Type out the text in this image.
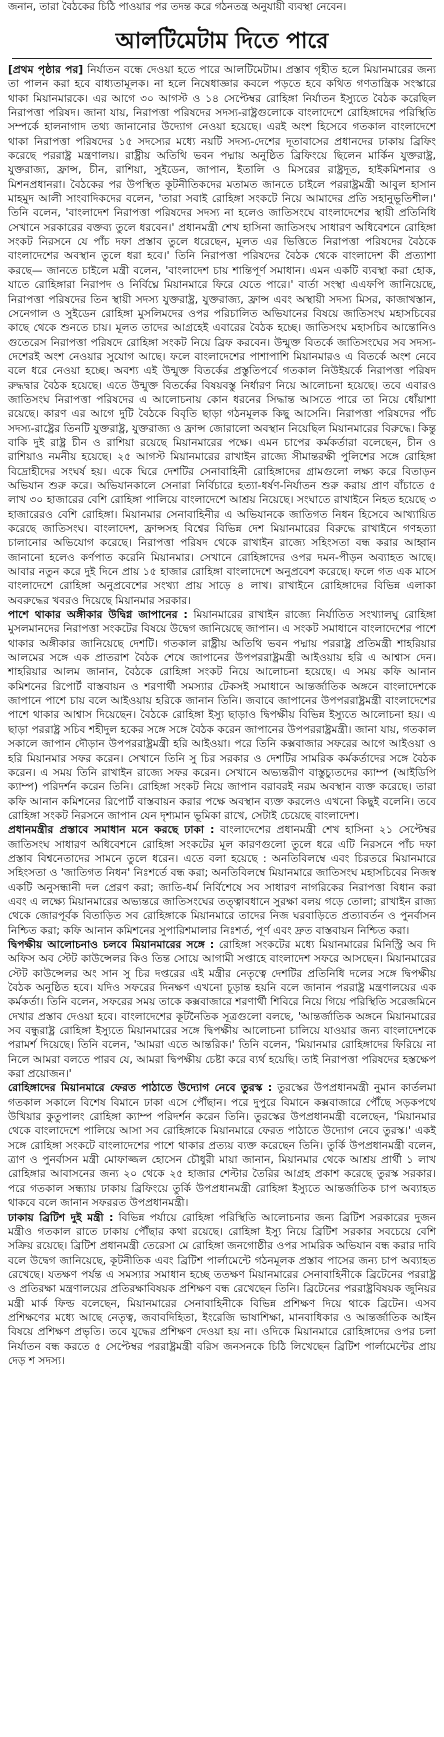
জনান, তারা বৈঠকের চিঠি পাওয়ার পর তদন্ত করে গঠনতন্ত্র অনুযায়ী ব্যবস্থা নেবেন।
আলটিমেটাম দিতে পারে

[প্রথম পৃষ্ঠার পর] নির্যাতন বন্ধে দেওয়া হতে পারে আলটিমেটাম। প্রস্তাব গৃহীত হলে মিয়ানমারের জন্য তা পালন করা হবে বাধ্যতামূলক। না হলে নিষেধাজ্ঞার কবলে পড়তে হবে কথিত গণতান্ত্রিক সংস্কারে থাকা মিয়ানমারকে। এর আগে ৩০ আগস্ট ও ১৪ সেপ্টেম্বর রোহিঙ্গা নির্যাতন ইস্যুতে বৈঠক করেছিল নিরাপত্তা পরিষদ। জানা যায়, নিরাপত্তা পরিষদের সদস্য-রাষ্ট্রগুলোকে বাংলাদেশে রোহিঙ্গাদের পরিস্থিতি সম্পর্কে হালনাগাদ তথ্য জানানোর উদ্যোগ নেওয়া হয়েছে। এরই অংশ হিসেবে গতকাল বাংলাদেশে থাকা নিরাপত্তা পরিষদের ১৫ সদস্যের মধ্যে নয়টি সদস্য-দেশের দূতাবাসের প্রধানদের ঢাকায় ব্রিফিং করেছে পররাষ্ট্র মন্ত্রণালয়। রাষ্ট্রীয় অতিথি ভবন পদ্মায় অনুষ্ঠিত ব্রিফিংয়ে ছিলেন মার্কিন যুক্তরাষ্ট্র, যুক্তরাজ্য, ফ্রান্স, চীন, রাশিয়া, সুইডেন, জাপান, ইতালি ও মিসরের রাষ্ট্রদূত, হাইকমিশনার ও মিশনপ্রধানরা। বৈঠকের পর উপস্থিত কূটনীতিকদের মতামত জানতে চাইলে পররাষ্ট্রমন্ত্রী আবুল হাসান মাহমুদ আলী সাংবাদিকদের বলেন, 'তারা সবাই রোহিঙ্গা সংকটে নিয়ে আমাদের প্রতি সহানুভূতিশীল।' তিনি বলেন, 'বাংলাদেশ নিরাপত্তা পরিষদের সদস্য না হলেও জাতিসংঘে বাংলাদেশের স্থায়ী প্রতিনিধি সেখানে সরকারের বক্তব্য তুলে ধরবেন।' প্রধানমন্ত্রী শেখ হাসিনা জাতিসংঘ সাধারণ অধিবেশনে রোহিঙ্গা সংকট নিরসনে যে পাঁচ দফা প্রস্তাব তুলে ধরেছেন, মূলত এর ভিত্তিতে নিরাপত্তা পরিষদের বৈঠকে বাংলাদেশের অবস্থান তুলে ধরা হবে।' তিনি নিরাপত্তা পরিষদের বৈঠক থেকে বাংলাদেশ কী প্রত্যাশা করছে— জানতে চাইলে মন্ত্রী বলেন, 'বাংলাদেশ চায় শান্তিপূর্ণ সমাধান। এমন একটি ব্যবস্থা করা হোক, যাতে রোহিঙ্গারা নিরাপদ ও নির্বিঘ্নে মিয়ানমারে ফিরে যেতে পারে।' বার্তা সংস্থা এএফপি জানিয়েছে, নিরাপত্তা পরিষদের তিন স্থায়ী সদস্য যুক্তরাষ্ট্র, যুক্তরাজ্য, ফ্রান্স এবং অস্থায়ী সদস্য মিসর, কাজাখস্তান, সেনেগাল ও সুইডেন রোহিঙ্গা মুসলিমদের ওপর পরিচালিত অভিযানের বিষয়ে জাতিসংঘ মহাসচিবের কাছে থেকে শুনতে চায়। মূলত তাদের আগ্রহেই এবারের বৈঠক হচ্ছে। জাতিসংঘ মহাসচিব আন্তোনিও গুতেরেস নিরাপত্তা পরিষদে রোহিঙ্গা সংকট নিয়ে ব্রিফ করবেন। উন্মুক্ত বিতর্কে জাতিসংঘের সব সদস্য-দেশেরই অংশ নেওয়ার সুযোগ আছে। ফলে বাংলাদেশের পাশাপাশি মিয়ানমারও এ বিতর্কে অংশ নেবে বলে ধরে নেওয়া হচ্ছে। অবশ্য এই উন্মুক্ত বিতর্কের প্রস্তুতিপর্বে গতকাল নিউইয়র্কে নিরাপত্তা পরিষদ রুদ্ধদ্বার বৈঠক হয়েছে। এতে উন্মুক্ত বিতর্কের বিষয়বস্তু নির্ধারণ নিয়ে আলোচনা হয়েছে। তবে এবারও জাতিসংঘ নিরাপত্তা পরিষদের এ আলোচনায় কোন ধরনের সিদ্ধান্ত আসতে পারে তা নিয়ে ধোঁয়াশা রয়েছে। কারণ এর আগে দুটি বৈঠকে বিবৃতি ছাড়া গঠনমূলক কিছু আসেনি। নিরাপত্তা পরিষদের পাঁচ সদস্য-রাষ্ট্রের তিনটি যুক্তরাষ্ট্র, যুক্তরাজ্য ও ফ্রান্স জোরালো অবস্থান নিয়েছিল মিয়ানমারের বিরুদ্ধে। কিন্তু বাকি দুই রাষ্ট্র চীন ও রাশিয়া রয়েছে মিয়ানমারের পক্ষে। এমন চাপের কর্মকর্তারা বলেছেন, চীন ও রাশিয়াও নমনীয় হয়েছে। ২৫ আগস্ট মিয়ানমারের রাখাইন রাজ্যে সীমান্তরক্ষী পুলিশের সঙ্গে রোহিঙ্গা বিদ্রোহীদের সংঘর্ষ হয়। একে ঘিরে দেশটির সেনাবাহিনী রোহিঙ্গাদের গ্রামগুলো লক্ষ্য করে বিতাড়ন অভিযান শুরু করে। অভিযানকালে সেনারা নির্বিচারে হত্যা-ধর্ষণ-নির্যাতন শুরু করায় প্রাণ বাঁচাতে ৫ লাখ ৩০ হাজারের বেশি রোহিঙ্গা পালিয়ে বাংলাদেশে আশ্রয় নিয়েছে। সংঘাতে রাখাইনে নিহত হয়েছে ৩ হাজারেরও বেশি রোহিঙ্গা। মিয়ানমার সেনাবাহিনীর এ অভিযানকে জাতিগত নিধন হিসেবে আখ্যায়িত করেছে জাতিসংঘ। বাংলাদেশ, ফ্রান্সসহ বিশ্বের বিভিন্ন দেশ মিয়ানমারের বিরুদ্ধে রাখাইনে গণহত্যা চালানোর অভিযোগ করেছে। নিরাপত্তা পরিষদ থেকে রাখাইন রাজ্যে সহিংসতা বন্ধ করার আহ্বান জানানো হলেও কর্ণপাত করেনি মিয়ানমার। সেখানে রোহিঙ্গাদের ওপর দমন-পীড়ন অব্যাহত আছে। আবার নতুন করে দুই দিনে প্রায় ১৫ হাজার রোহিঙ্গা বাংলাদেশে অনুপ্রবেশ করেছে। ফলে গত এক মাসে বাংলাদেশে রোহিঙ্গা অনুপ্রবেশের সংখ্যা প্রায় সাড়ে ৪ লাখ। রাখাইনে রোহিঙ্গাদের বিভিন্ন এলাকা অবরুদ্ধের খবরও দিয়েছে মিয়ানমার সরকার।

পাশে থাকার অঙ্গীকার উদ্বিগ্ন জাপানের : মিয়ানমারের রাখাইন রাজ্যে নির্যাতিত সংখ্যালঘু রোহিঙ্গা মুসলমানদের নিরাপত্তা সংকটের বিষয়ে উদ্বেগ জানিয়েছে জাপান। এ সংকট সমাধানে বাংলাদেশের পাশে থাকার অঙ্গীকার জানিয়েছে দেশটি। গতকাল রাষ্ট্রীয় অতিথি ভবন পদ্মায় পররাষ্ট্র প্রতিমন্ত্রী শাহরিয়ার আলমের সঙ্গে এক প্রাতরাশ বৈঠক শেষে জাপানের উপপররাষ্ট্রমন্ত্রী আইওয়ায় হরি এ আশ্বাস দেন। শাহরিয়ার আলম জানান, বৈঠকে রোহিঙ্গা সংকট নিয়ে আলোচনা হয়েছে। এ সময় কফি আনান কমিশনের রিপোর্ট বাস্তবায়ন ও শরণার্থী সমস্যার টেকসই সমাধানে আন্তর্জাতিক অঙ্গনে বাংলাদেশকে জাপানে পাশে চায় বলে আইওয়ায় হরিকে জানান তিনি। জবাবে জাপানের উপপররাষ্ট্রমন্ত্রী বাংলাদেশের পাশে থাকার আশ্বাস দিয়েছেন। বৈঠকে রোহিঙ্গা ইস্যু ছাড়াও দ্বিপক্ষীয় বিভিন্ন ইস্যুতে আলোচনা হয়। এ ছাড়া পররাষ্ট্র সচিব শহীদুল হকের সঙ্গে সঙ্গে বৈঠক করেন জাপানের উপপররাষ্ট্রমন্ত্রী। জানা যায়, গতকাল সকালে জাপান দৌড়ান উপপররাষ্ট্রমন্ত্রী হরি আইওয়া। পরে তিনি কক্সবাজার সফরের আগে আইওয়া ও হরি মিয়ানমার সফর করেন। সেখানে তিনি সু চির সরকার ও দেশটির সামরিক কর্মকর্তাদের সঙ্গে বৈঠক করেন। এ সময় তিনি রাখাইন রাজ্যে সফর করেন। সেখানে অভ্যন্তরীণ বাস্তুচ্যুতদের ক্যাম্প (আইডিপি ক্যাম্প) পরিদর্শন করেন তিনি। রোহিঙ্গা সংকট নিয়ে জাপান বরাবরই নরম অবস্থান ব্যক্ত করেছে। তারা কফি আনান কমিশনের রিপোর্ট বাস্তবায়ন করার পক্ষে অবস্থান ব্যক্ত করলেও এখনো কিছুই বলেনি। তবে রোহিঙ্গা সংকট নিরসনে জাপান যেন দৃশ্যমান ভূমিকা রাখে, সেটাই চেয়েছে বাংলাদেশ।

প্রধানমন্ত্রীর প্রস্তাবে সমাধান মনে করছে ঢাকা : বাংলাদেশের প্রধানমন্ত্রী শেখ হাসিনা ২১ সেপ্টেম্বর জাতিসংঘ সাধারণ অধিবেশনে রোহিঙ্গা সংকটের মূল কারণগুলো তুলে ধরে এটি নিরসনে পাঁচ দফা প্রস্তাব বিশ্বনেতাদের সামনে তুলে ধরেন। এতে বলা হয়েছে : অনতিবিলম্বে এবং চিরতরে মিয়ানমারে সহিংসতা ও 'জাতিগত নিধন' নিঃশর্তে বন্ধ করা; অনতিবিলম্বে মিয়ানমারে জাতিসংঘ মহাসচিবের নিজস্ব একটি অনুসন্ধানী দল প্রেরণ করা; জাতি-ধর্ম নির্বিশেষে সব সাধারণ নাগরিকের নিরাপত্তা বিধান করা এবং এ লক্ষ্যে মিয়ানমারের অভ্যন্তরে জাতিসংঘের তত্ত্বাবধানে সুরক্ষা বলয় গড়ে তোলা; রাখাইন রাজ্য থেকে জোরপূর্বক বিতাড়িত সব রোহিঙ্গাকে মিয়ানমারে তাদের নিজ ঘরবাড়িতে প্রত্যাবর্তন ও পুনর্বাসন নিশ্চিত করা; কফি আনান কমিশনের সুপারিশমালার নিঃশর্ত, পূর্ণ এবং দ্রুত বাস্তবায়ন নিশ্চিত করা।

দ্বিপক্ষীয় আলোচনাও চলবে মিয়ানমারের সঙ্গে : রোহিঙ্গা সংকটের মধ্যে মিয়ানমারের মিনিস্ট্রি অব দি অফিস অব স্টেট কাউন্সেলর কিও তিন্ত সোয়ে আগামী সপ্তাহে বাংলাদেশ সফরে আসছেন। মিয়ানমারের স্টেট কাউন্সেলর অং সান সু চির দপ্তরের এই মন্ত্রীর নেতৃত্বে দেশটির প্রতিনিধি দলের সঙ্গে দ্বিপক্ষীয় বৈঠক অনুষ্ঠিত হবে। যদিও সফরের দিনক্ষণ এখনো চূড়ান্ত হয়নি বলে জানান পররাষ্ট্র মন্ত্রণালয়ের এক কর্মকর্তা। তিনি বলেন, সফরের সময় তাকে কক্সবাজারে শরণার্থী শিবিরে নিয়ে গিয়ে পরিস্থিতি সরেজমিনে দেখার প্রস্তাব দেওয়া হবে। বাংলাদেশের কূটনৈতিক সূত্রগুলো বলছে, 'আন্তর্জাতিক অঙ্গনে মিয়ানমারের সব বন্ধুরাষ্ট্র রোহিঙ্গা ইস্যুতে মিয়ানমারের সঙ্গে দ্বিপক্ষীয় আলোচনা চালিয়ে যাওয়ার জন্য বাংলাদেশকে পরামর্শ দিয়েছে। তিনি বলেন, 'আমরা এতে আন্তরিক।' তিনি বলেন, 'মিয়ানমার রোহিঙ্গাদের ফিরিয়ে না নিলে আমরা বলতে পারব যে, আমরা দ্বিপক্ষীয় চেষ্টা করে ব্যর্থ হয়েছি। তাই নিরাপত্তা পরিষদের হস্তক্ষেপ করা প্রয়োজন।'

রোহিঙ্গাদের মিয়ানমারে ফেরত পাঠাতে উদ্যোগ নেবে তুরস্ক : তুরস্কের উপপ্রধানমন্ত্রী নুমান কার্তলমা গতকাল সকালে বিশেষ বিমানে ঢাকা এসে পৌঁছান। পরে দুপুরে বিমানে কক্সবাজারে পৌঁছে সড়কপথে উখিয়ার কুতুপালং রোহিঙ্গা ক্যাম্প পরিদর্শন করেন তিনি। তুরস্কের উপপ্রধানমন্ত্রী বলেছেন, 'মিয়ানমার থেকে বাংলাদেশে পালিয়ে আসা সব রোহিঙ্গাকে মিয়ানমারে ফেরত পাঠাতে উদ্যোগ নেবে তুরস্ক।' একই সঙ্গে রোহিঙ্গা সংকটে বাংলাদেশের পাশে থাকার প্রত্যয় ব্যক্ত করেছেন তিনি। তুর্কি উপপ্রধানমন্ত্রী বলেন, ত্রাণ ও পুনর্বাসন মন্ত্রী মোফাজ্জল হোসেন চৌধুরী মায়া জানান, মিয়ানমার থেকে আশ্রয় প্রার্থী ১ লাখ রোহিঙ্গার আবাসনের জন্য ২০ থেকে ২৫ হাজার শেল্টার তৈরির আগ্রহ প্রকাশ করেছে তুরস্ক সরকার। পরে গতকাল সন্ধ্যায় ঢাকায় ব্রিফিংয়ে তুর্কি উপপ্রধানমন্ত্রী রোহিঙ্গা ইস্যুতে আন্তর্জাতিক চাপ অব্যাহত থাকবে বলে জানান সফররত উপপ্রধানমন্ত্রী।

ঢাকায় ব্রিটিশ দুই মন্ত্রী : বিভিন্ন পর্যায়ে রোহিঙ্গা পরিস্থিতি আলোচনার জন্য ব্রিটিশ সরকারের দুজন মন্ত্রীও গতকাল রাতে ঢাকায় পৌঁছার কথা রয়েছে। রোহিঙ্গা ইস্যু নিয়ে ব্রিটিশ সরকার সবচেয়ে বেশি সক্রিয় রয়েছে। ব্রিটিশ প্রধানমন্ত্রী তেরেসা মে রোহিঙ্গা জনগোষ্ঠীর ওপর সামরিক অভিযান বন্ধ করার দাবি বলে উদ্বেগ জানিয়েছে, কূটনীতিক এবং ব্রিটিশ পার্লামেন্টে গঠনমূলক প্রস্তাব পাসের জন্য চাপ অব্যাহত রেখেছে। যতক্ষণ পর্যন্ত এ সমস্যার সমাধান হচ্ছে ততক্ষণ মিয়ানমারের সেনাবাহিনীকে ব্রিটেনের পররাষ্ট্র ও প্রতিরক্ষা মন্ত্রণালয়ের প্রতিরক্ষাবিষয়ক প্রশিক্ষণ বন্ধ রেখেছেন তিনি। ব্রিটেনের পররাষ্ট্রবিষয়ক জুনিয়র মন্ত্রী মার্ক ফিল্ড বলেছেন, মিয়ানমারের সেনাবাহিনীকে বিভিন্ন প্রশিক্ষণ দিয়ে থাকে ব্রিটেন। এসব প্রশিক্ষণের মধ্যে আছে নেতৃত্ব, জবাবদিহিতা, ইংরেজি ভাষাশিক্ষা, মানবাধিকার ও আন্তর্জাতিক আইন বিষয়ে প্রশিক্ষণ প্রভৃতি। তবে যুদ্ধের প্রশিক্ষণ দেওয়া হয় না। ওদিকে মিয়ানমারে রোহিঙ্গাদের ওপর চলা নির্যাতন বন্ধ করতে ৫ সেপ্টেম্বর পররাষ্ট্রমন্ত্রী বরিস জনসনকে চিঠি লিখেছেন ব্রিটিশ পার্লামেন্টের প্রায় দেড় শ সদস্য।
